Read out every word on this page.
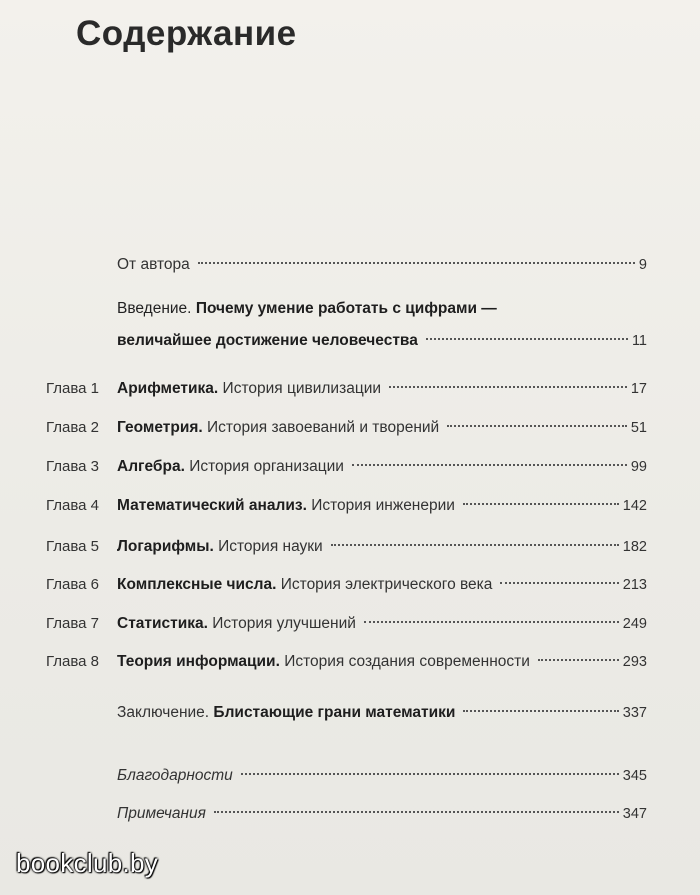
Содержание
От автора	9
Введение. Почему умение работать с цифрами —
величайшее достижение человечества	11
Глава 1 Арифметика. История цивилизации	17
Глава 2 Геометрия. История завоеваний и творений	51
Глава 3 Алгебра. История организации	99
Глава 4 Математический анализ. История инженерии	142
Глава 5 Логарифмы. История науки	182
Глава 6 Комплексные числа. История электрического века	213
Глава 7 Статистика. История улучшений	249
Глава 8 Теория информации. История создания современности	293
Заключение. Блистающие грани математики	337
Благодарности	345
Примечания	347
bookclub.by
